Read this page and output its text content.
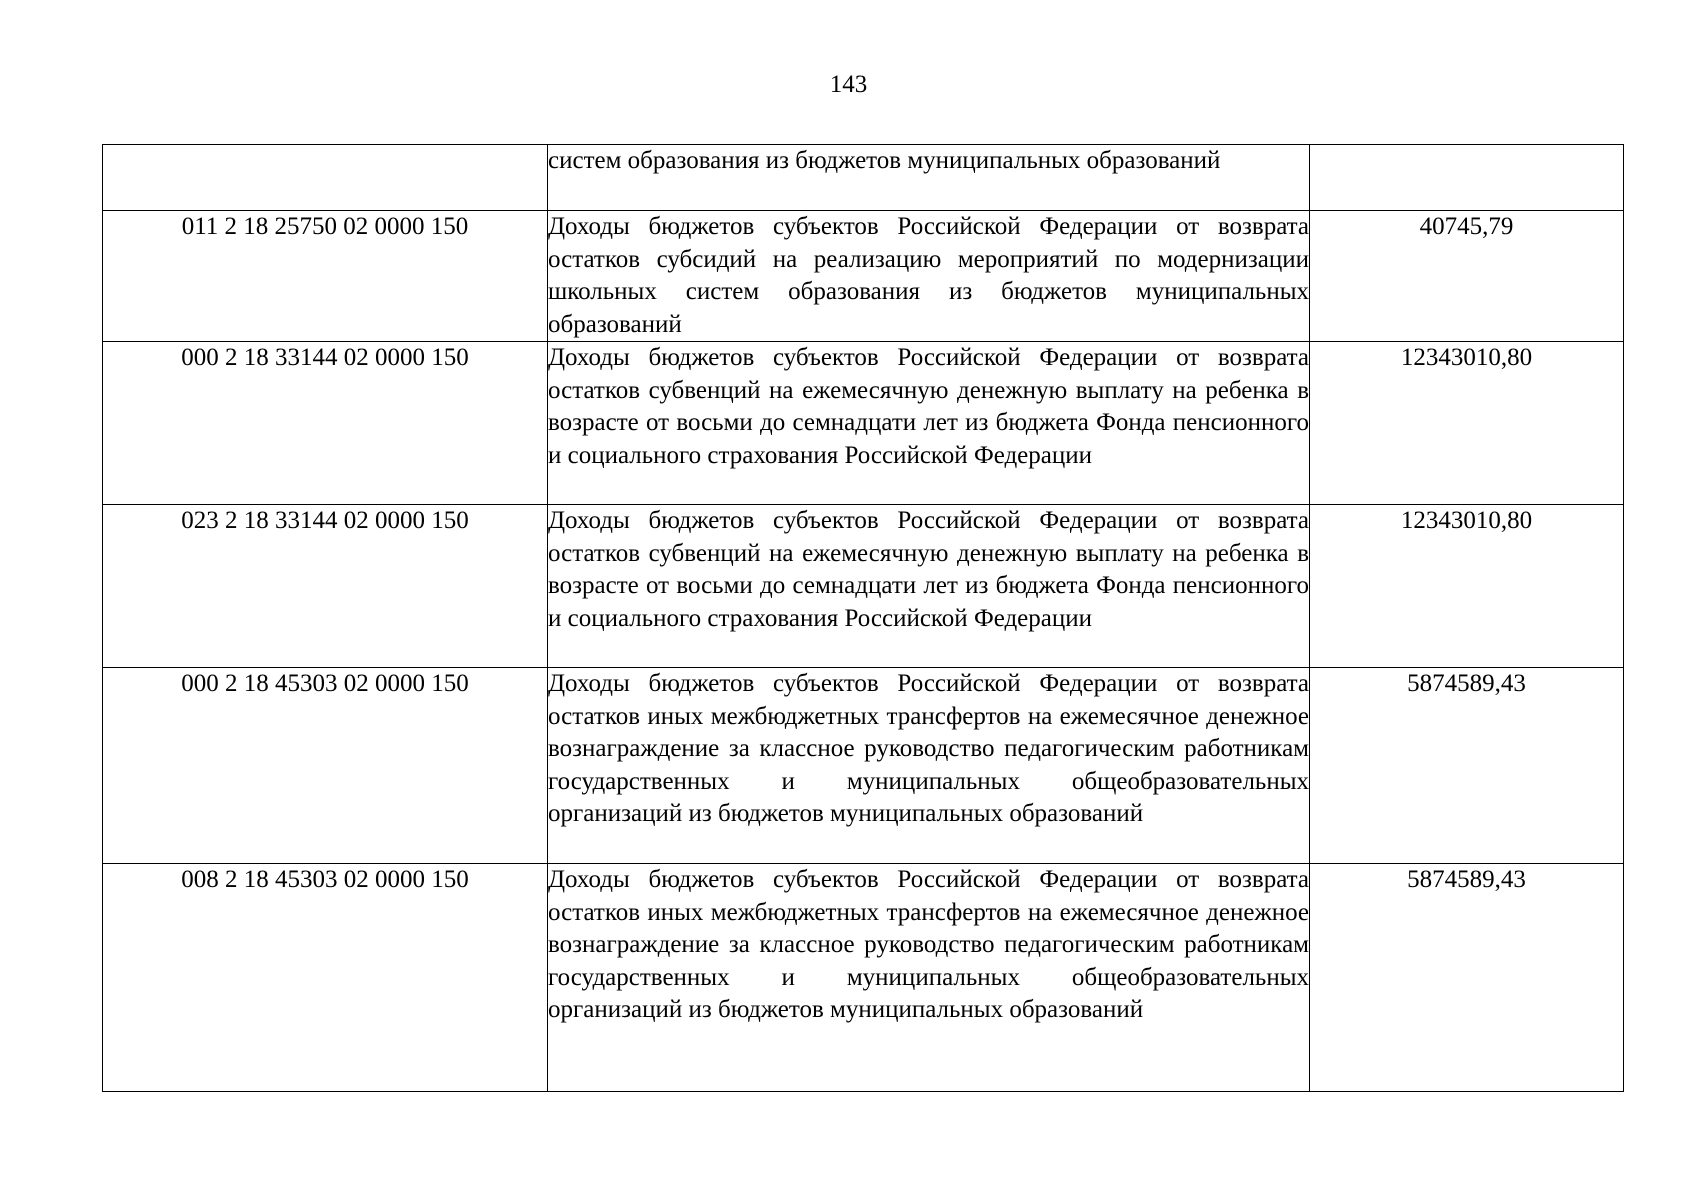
143
	систем образования из бюджетов муниципальных образований	
011 2 18 25750 02 0000 150	Доходы бюджетов субъектов Российской Федерации от возврата остатков субсидий на реализацию мероприятий по модернизации школьных систем образования из бюджетов муниципальных образований	40745,79
000 2 18 33144 02 0000 150	Доходы бюджетов субъектов Российской Федерации от возврата остатков субвенций на ежемесячную денежную выплату на ребенка в возрасте от восьми до семнадцати лет из бюджета Фонда пенсионного и социального страхования Российской Федерации	12343010,80
023 2 18 33144 02 0000 150	Доходы бюджетов субъектов Российской Федерации от возврата остатков субвенций на ежемесячную денежную выплату на ребенка в возрасте от восьми до семнадцати лет из бюджета Фонда пенсионного и социального страхования Российской Федерации	12343010,80
000 2 18 45303 02 0000 150	Доходы бюджетов субъектов Российской Федерации от возврата остатков иных межбюджетных трансфертов на ежемесячное денежное вознаграждение за классное руководство педагогическим работникам государственных и муниципальных общеобразовательных организаций из бюджетов муниципальных образований	5874589,43
008 2 18 45303 02 0000 150	Доходы бюджетов субъектов Российской Федерации от возврата остатков иных межбюджетных трансфертов на ежемесячное денежное вознаграждение за классное руководство педагогическим работникам государственных и муниципальных общеобразовательных организаций из бюджетов муниципальных образований	5874589,43
